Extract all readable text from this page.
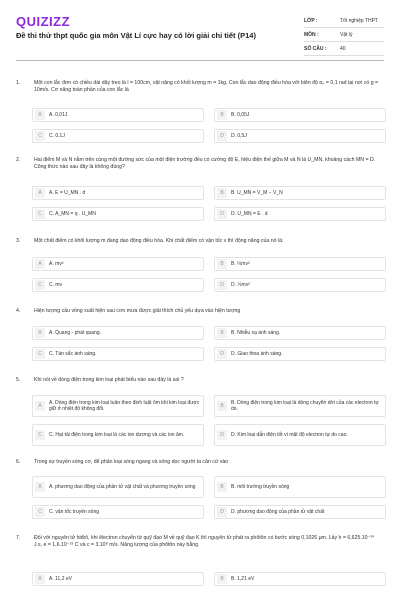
QUIZIZZ
Đề thi thử thpt quốc gia môn Vật Lí cực hay có lời giải chi tiết (P14)
LỚP :	Tốt nghiệp THPT
MÔN :	Vật lý
SỐ CÂU :	40
1.	Một con lắc đơn có chiều dài dây treo là l = 100cm, vật nặng có khối lượng m = 1kg. Con lắc dao động điều hòa với biên độ α₀ = 0,1 rad tại nơi có g = 10m/s. Cơ năng toàn phần của con lắc là
A	A. 0,01J	B	B. 0,05J
C	C. 0,1J	D	D. 0,5J
2.	Hai điểm M và N nằm trên cùng một đường sức của một điện trường đều có cường độ E, hiệu điện thế giữa M và N là U_MN, khoảng cách MN = D. Công thức nào sau đây là không đúng?
A	A. E = U_MN . d	B	B. U_MN = V_M − V_N
C	C. A_MN = q . U_MN	D	D. U_MN = E . d
3.	Một chất điểm có khối lượng m đang dao động điều hòa. Khi chất điểm có vận tốc v thì động năng của nó là:
A	A. mv²	B	B. ½mv²
C	C. mv	D	D. ½mv²
4.	Hiện tượng cầu vồng xuất hiện sau cơn mưa được giải thích chủ yếu dựa vào hiện tượng
A	A. Quang - phát quang.	B	B. Nhiễu xạ ánh sáng.
C	C. Tán sắc ánh sáng.	D	D. Giao thoa ánh sáng.
5.	Khi nói về dòng điện trong kim loại phát biểu nào sau đây là sai ?
A	A. Dòng điện trong kim loại tuân theo định luật ôm khi kim loại được giữ ở nhiệt độ không đổi.	B	B. Dòng điện trong kim loại là dòng chuyển dời của các electron tự do.
C	C. Hạt tải điện trong kim loại là các ion dương và các ion âm.	D	D. Kim loại dẫn điện tốt vì mật độ electron tự do cao.
6.	Trong sự truyền sóng cơ, để phân loại sóng ngang và sóng dọc người ta căn cứ vào
A	A. phương dao động của phần tử vật chất và phương truyền sóng	B	B. môi trường truyền sóng
C	C. vận tốc truyền sóng	D	D. phương dao động của phần tử vật chất
7.	Đối với nguyên tử hiđrô, khi êlectron chuyển từ quỹ đạo M về quỹ đạo K thì nguyên tử phát ra phôtôn có bước sóng 0,1026 μm. Lấy h = 6,625.10⁻³⁴ J.s, e = 1,6.10⁻¹⁹ C và c = 3.10⁸ m/s. Năng lượng của phôtôn này bằng
A	A. 11,2 eV	B	B. 1,21 eV
